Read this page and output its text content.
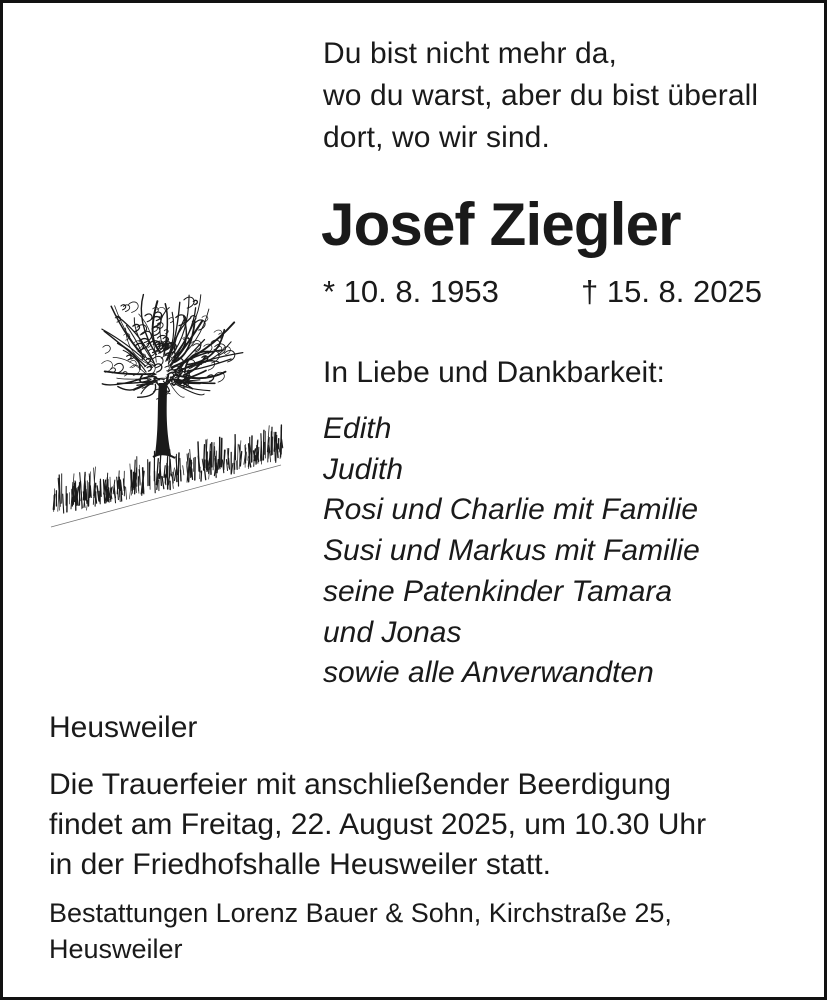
Du bist nicht mehr da,
wo du warst, aber du bist überall
dort, wo wir sind.
Josef Ziegler
* 10. 8. 1953	† 15. 8. 2025
In Liebe und Dankbarkeit:
Edith
Judith
Rosi und Charlie mit Familie
Susi und Markus mit Familie
seine Patenkinder Tamara
und Jonas
sowie alle Anverwandten
Heusweiler
Die Trauerfeier mit anschließender Beerdigung
findet am Freitag, 22. August 2025, um 10.30 Uhr
in der Friedhofshalle Heusweiler statt.
Bestattungen Lorenz Bauer & Sohn, Kirchstraße 25,
Heusweiler
